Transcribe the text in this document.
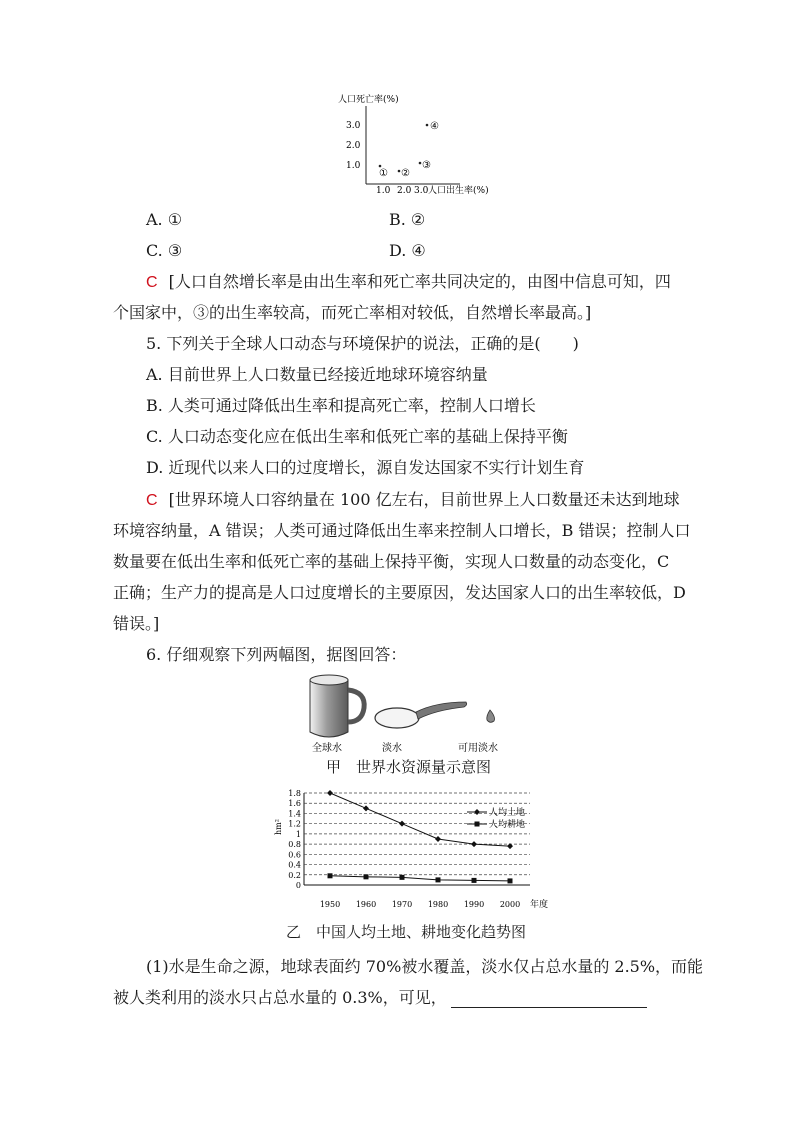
人口死亡率(%)
3.0
2.0
1.0
1.0 2.0 3.0 人口出生率(%)
① ②
③
④
A. ①	B. ②
C. ③	D. ④
C [人口自然增长率是由出生率和死亡率共同决定的，由图中信息可知，四
个国家中，③的出生率较高，而死亡率相对较低，自然增长率最高。]
5. 下列关于全球人口动态与环境保护的说法，正确的是(　　)
A. 目前世界上人口数量已经接近地球环境容纳量
B. 人类可通过降低出生率和提高死亡率，控制人口增长
C. 人口动态变化应在低出生率和低死亡率的基础上保持平衡
D. 近现代以来人口的过度增长，源自发达国家不实行计划生育
C [世界环境人口容纳量在 100 亿左右，目前世界上人口数量还未达到地球
环境容纳量，A 错误；人类可通过降低出生率来控制人口增长，B 错误；控制人口
数量要在低出生率和低死亡率的基础上保持平衡，实现人口数量的动态变化，C
正确；生产力的提高是人口过度增长的主要原因，发达国家人口的出生率较低，D
错误。]
6. 仔细观察下列两幅图，据图回答：
全球水	淡水	可用淡水
甲　世界水资源量示意图
hm²
1.8
1.6
1.4
1.2
1
0.8
0.6
0.4
0.2
0
1950 1960 1970 1980 1990 2000 年度
人均土地
人均耕地
乙　中国人均土地、耕地变化趋势图
(1)水是生命之源，地球表面约 70%被水覆盖，淡水仅占总水量的 2.5%，而能
被人类利用的淡水只占总水量的 0.3%，可见，
